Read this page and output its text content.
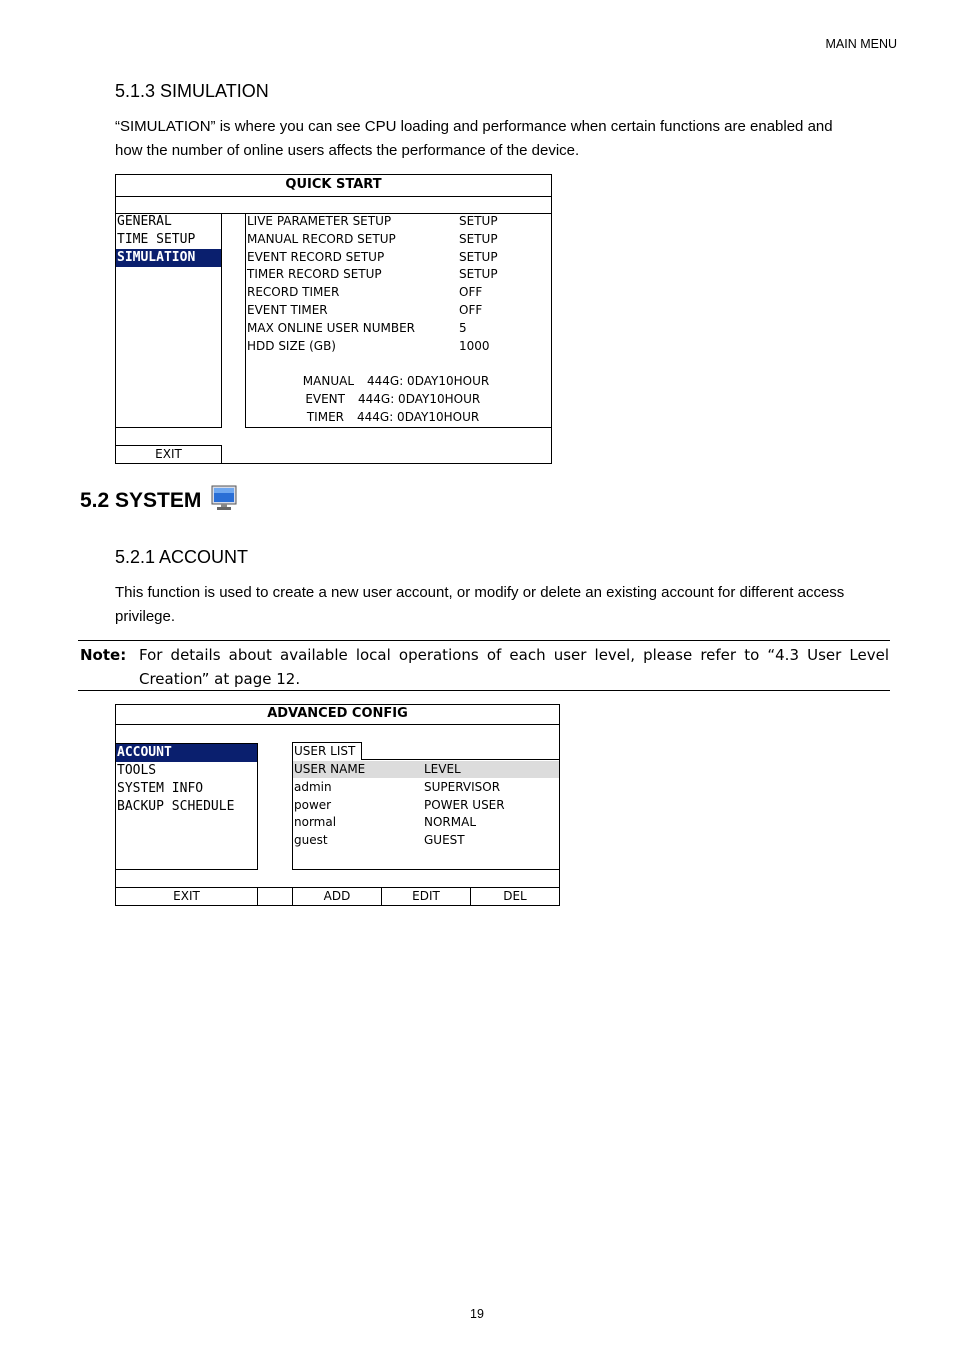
MAIN MENU
5.1.3 SIMULATION
“SIMULATION” is where you can see CPU loading and performance when certain functions are enabled and
how the number of online users affects the performance of the device.
QUICK START
GENERAL
TIME SETUP
SIMULATION
LIVE PARAMETER SETUP	SETUP
MANUAL RECORD SETUP	SETUP
EVENT RECORD SETUP	SETUP
TIMER RECORD SETUP	SETUP
RECORD TIMER	OFF
EVENT TIMER	OFF
MAX ONLINE USER NUMBER	5
HDD SIZE (GB)	1000
MANUAL 444G: 0DAY10HOUR
EVENT 444G: 0DAY10HOUR
TIMER 444G: 0DAY10HOUR
EXIT
5.2 SYSTEM
5.2.1 ACCOUNT
This function is used to create a new user account, or modify or delete an existing account for different access
privilege.
Note: For details about available local operations of each user level, please refer to “4.3 User Level
Creation” at page 12.
ADVANCED CONFIG
ACCOUNT
TOOLS
SYSTEM INFO
BACKUP SCHEDULE
USER LIST
USER NAME	LEVEL
admin	SUPERVISOR
power	POWER USER
normal	NORMAL
guest	GUEST
EXIT	ADD	EDIT	DEL
19
